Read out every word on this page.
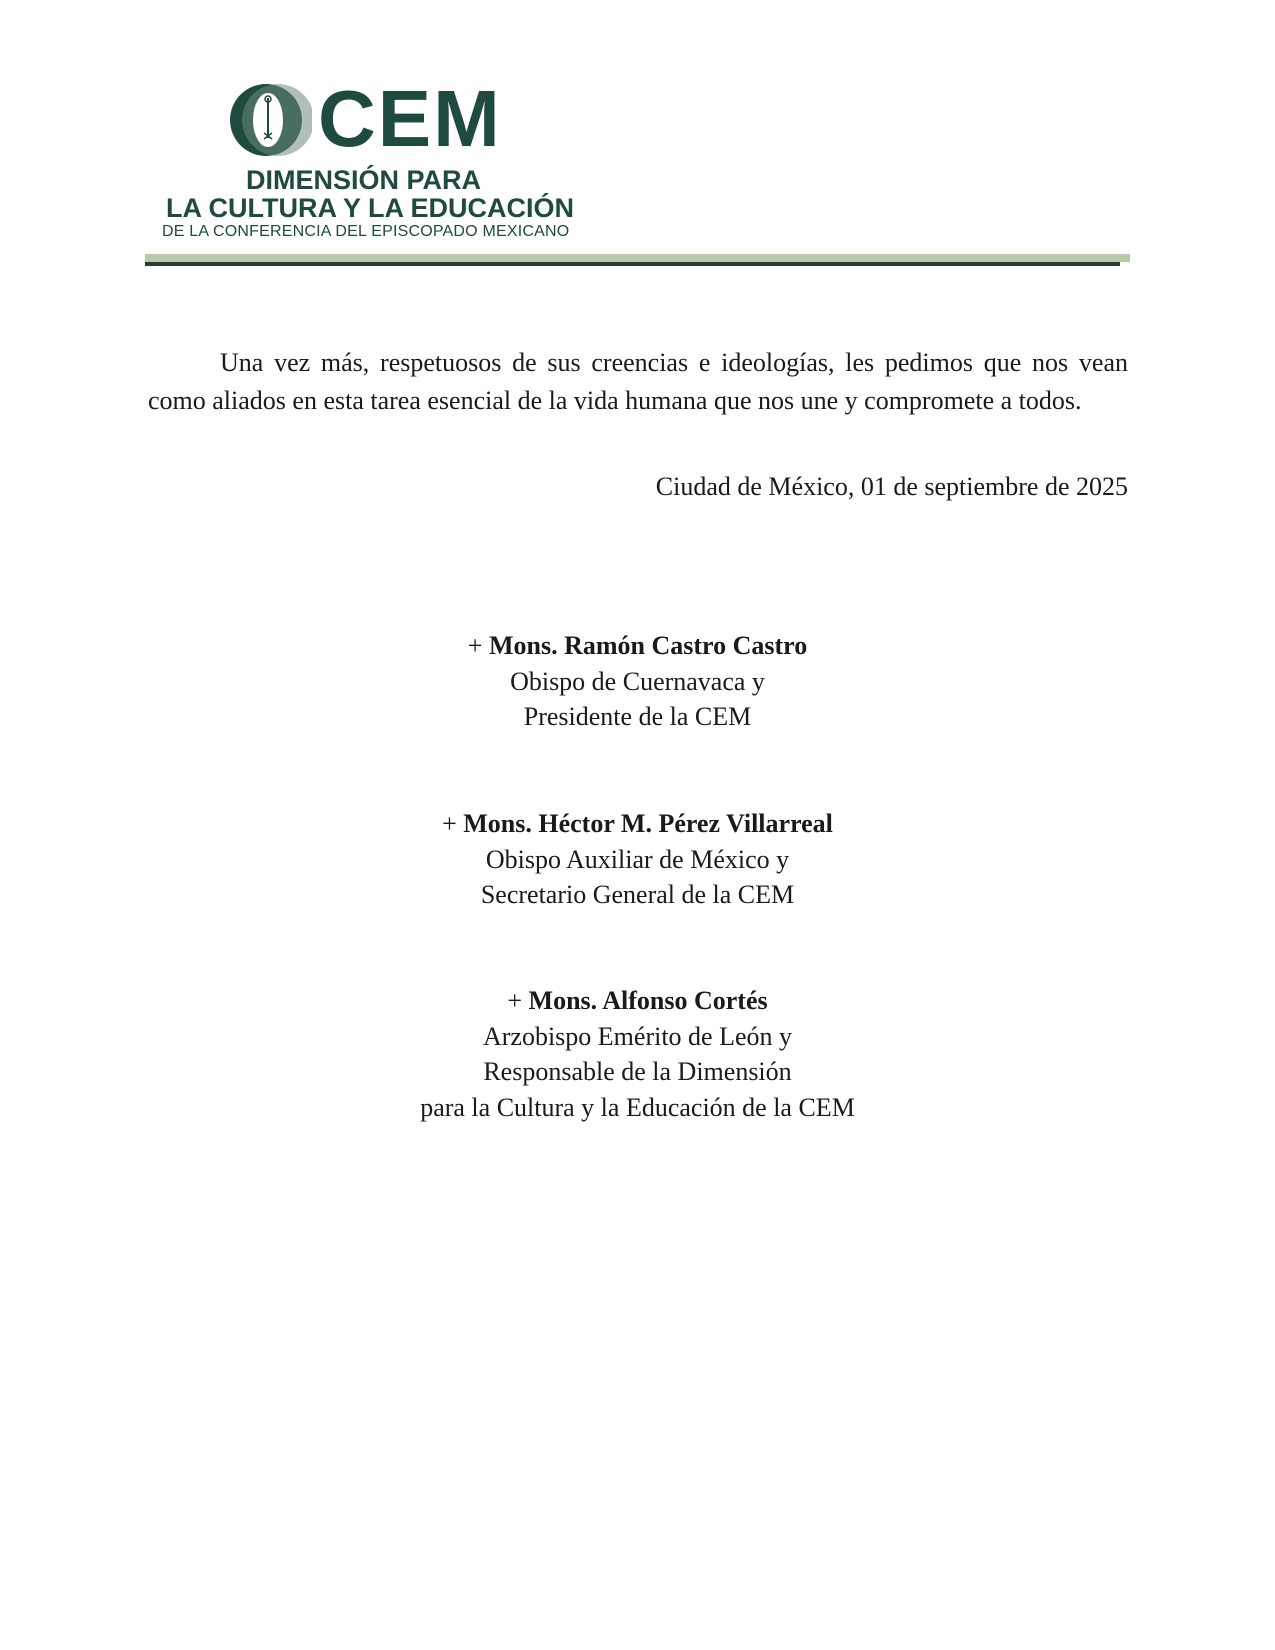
CEM

DIMENSIÓN PARA

LA CULTURA Y LA EDUCACIÓN

DE LA CONFERENCIA DEL EPISCOPADO MEXICANO

Una vez más, respetuosos de sus creencias e ideologías, les pedimos que nos vean como aliados en esta tarea esencial de la vida humana que nos une y compromete a todos.

Ciudad de México, 01 de septiembre de 2025

+ Mons. Ramón Castro Castro

Obispo de Cuernavaca y

Presidente de la CEM

+ Mons. Héctor M. Pérez Villarreal

Obispo Auxiliar de México y

Secretario General de la CEM

+ Mons. Alfonso Cortés

Arzobispo Emérito de León y

Responsable de la Dimensión

para la Cultura y la Educación de la CEM
